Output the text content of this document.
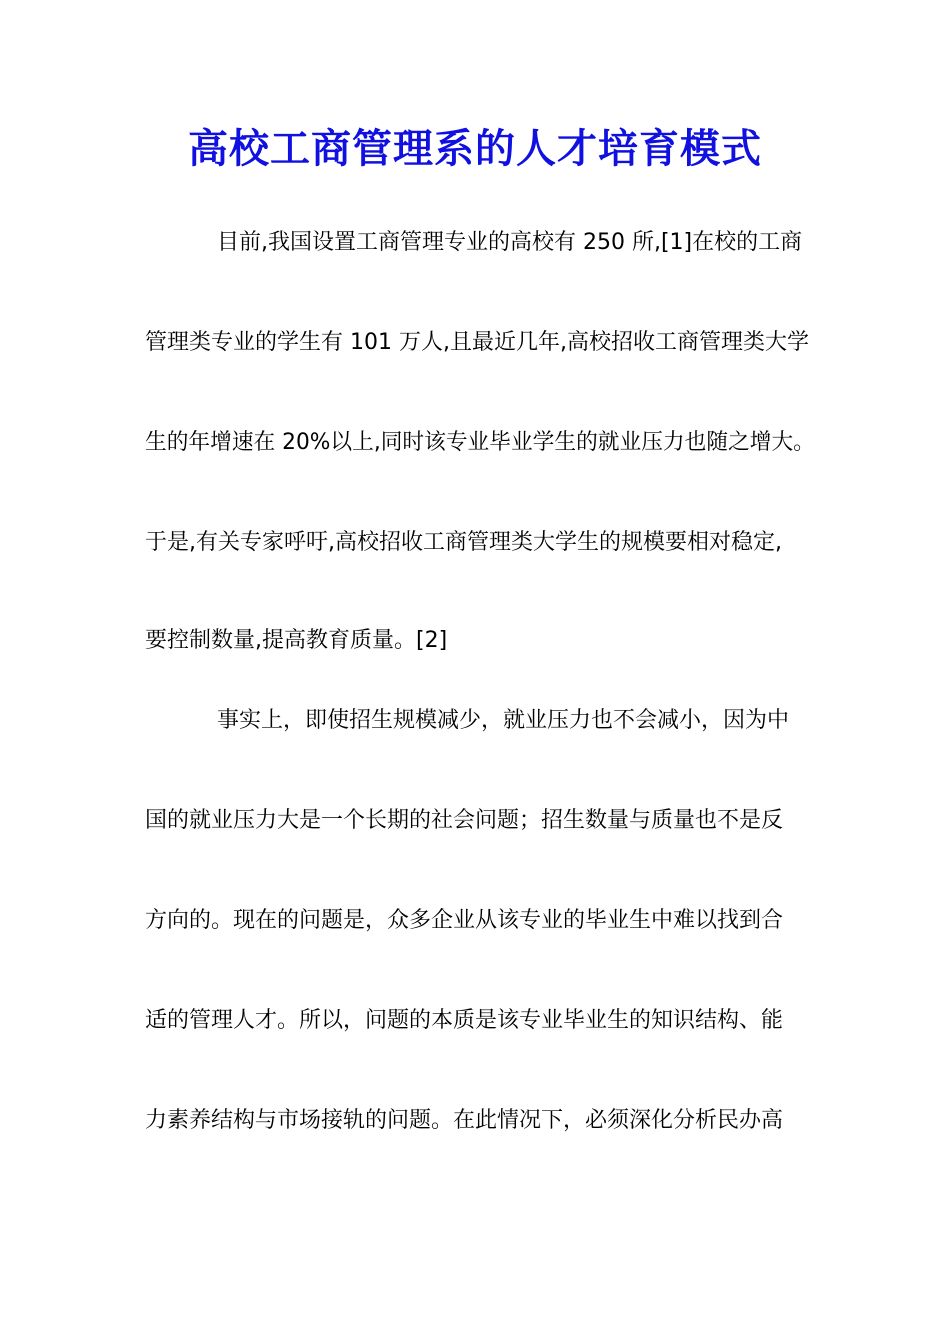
高校工商管理系的人才培育模式

目前,我国设置工商管理专业的高校有 250 所,[1]在校的工商

管理类专业的学生有 101 万人,且最近几年,高校招收工商管理类大学

生的年增速在 20%以上,同时该专业毕业学生的就业压力也随之增大。

于是,有关专家呼吁,高校招收工商管理类大学生的规模要相对稳定,

要控制数量,提高教育质量。[2]

事实上，即使招生规模减少，就业压力也不会减小，因为中

国的就业压力大是一个长期的社会问题；招生数量与质量也不是反

方向的。现在的问题是，众多企业从该专业的毕业生中难以找到合

适的管理人才。所以，问题的本质是该专业毕业生的知识结构、能

力素养结构与市场接轨的问题。在此情况下，必须深化分析民办高
